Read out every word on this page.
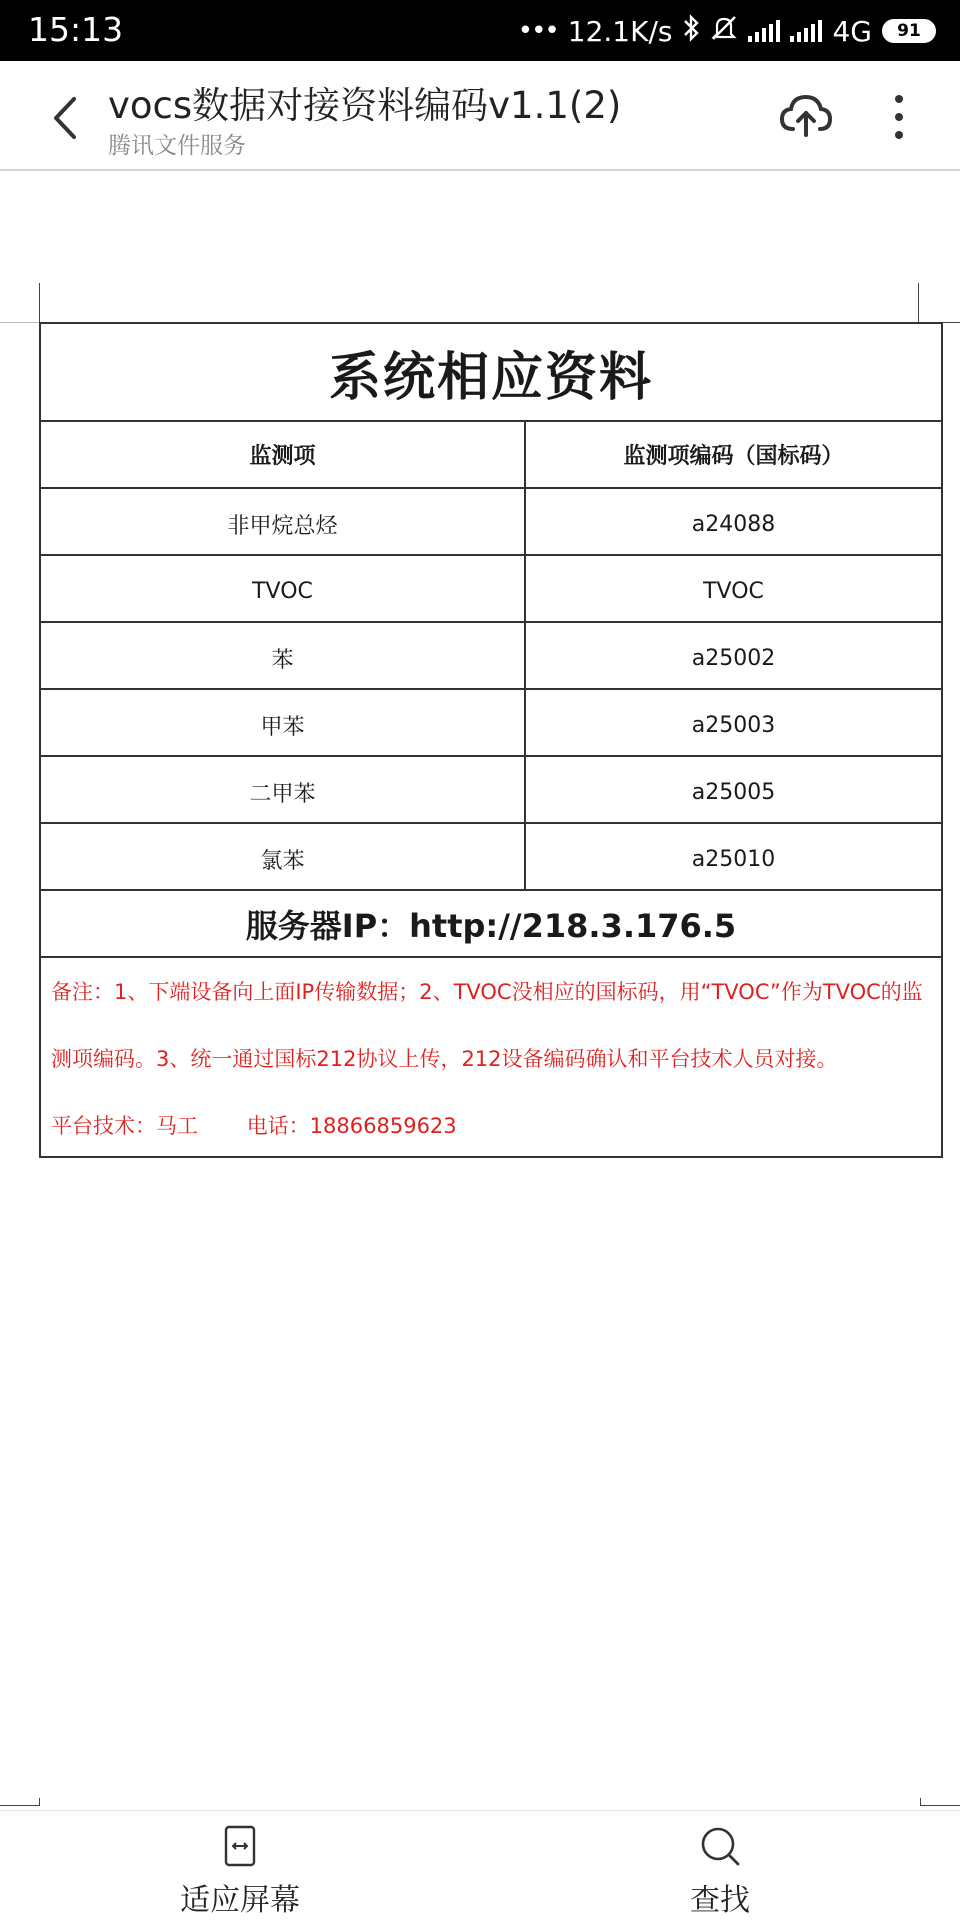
15:13	••• 12.1K/s	4G	91
vocs数据对接资料编码v1.1(2)
腾讯文件服务
系统相应资料	
监测项	监测项编码（国标码）
非甲烷总烃	a24088
TVOC	TVOC
苯	a25002
甲苯	a25003
二甲苯	a25005
氯苯	a25010
服务器IP：http://218.3.176.5	

备注：1、下端设备向上面IP传输数据；2、TVOC没相应的国标码，用“TVOC”作为TVOC的监
测项编码。3、统一通过国标212协议上传，212设备编码确认和平台技术人员对接。
平台技术：马工 电话：18866859623	
适应屏幕	查找
